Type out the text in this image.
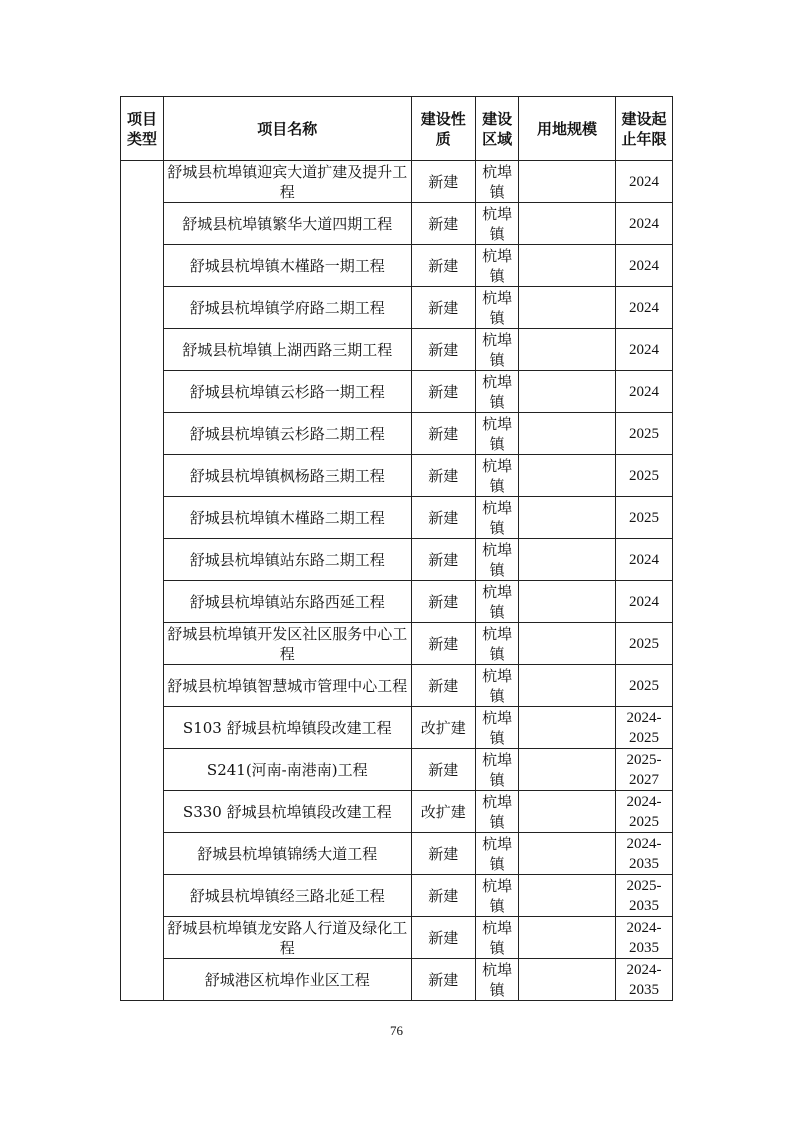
项目类型	项目名称	建设性质	建设区域	用地规模	建设起止年限
	舒城县杭埠镇迎宾大道扩建及提升工程	新建	杭埠镇		2024
	舒城县杭埠镇繁华大道四期工程	新建	杭埠镇		2024
	舒城县杭埠镇木槿路一期工程	新建	杭埠镇		2024
	舒城县杭埠镇学府路二期工程	新建	杭埠镇		2024
	舒城县杭埠镇上湖西路三期工程	新建	杭埠镇		2024
	舒城县杭埠镇云杉路一期工程	新建	杭埠镇		2024
	舒城县杭埠镇云杉路二期工程	新建	杭埠镇		2025
	舒城县杭埠镇枫杨路三期工程	新建	杭埠镇		2025
	舒城县杭埠镇木槿路二期工程	新建	杭埠镇		2025
	舒城县杭埠镇站东路二期工程	新建	杭埠镇		2024
	舒城县杭埠镇站东路西延工程	新建	杭埠镇		2024
	舒城县杭埠镇开发区社区服务中心工程	新建	杭埠镇		2025
	舒城县杭埠镇智慧城市管理中心工程	新建	杭埠镇		2025
	S103 舒城县杭埠镇段改建工程	改扩建	杭埠镇		2024-2025
	S241(河南-南港南)工程	新建	杭埠镇		2025-2027
	S330 舒城县杭埠镇段改建工程	改扩建	杭埠镇		2024-2025
	舒城县杭埠镇锦绣大道工程	新建	杭埠镇		2024-2035
	舒城县杭埠镇经三路北延工程	新建	杭埠镇		2025-2035
	舒城县杭埠镇龙安路人行道及绿化工程	新建	杭埠镇		2024-2035
	舒城港区杭埠作业区工程	新建	杭埠镇		2024-2035
76
